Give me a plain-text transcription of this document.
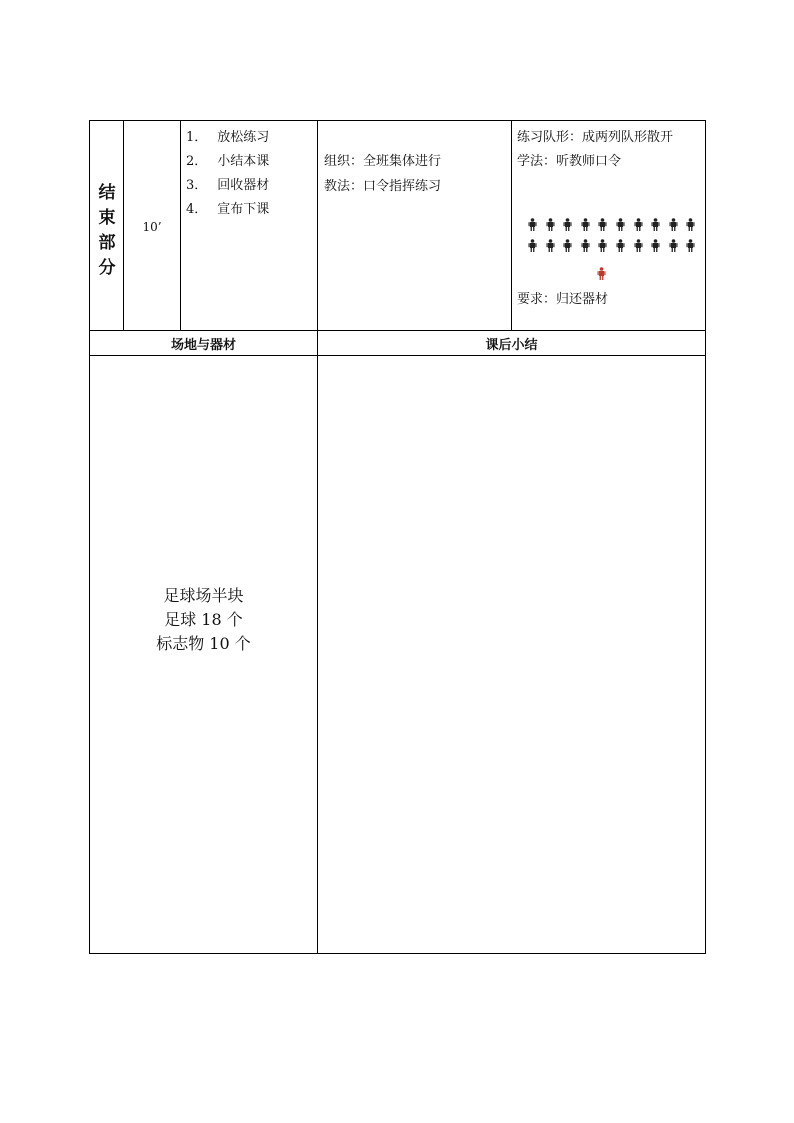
结
束
部
分
10’
1． 放松练习
2． 小结本课
3． 回收器材
4． 宣布下课
组织：全班集体进行
教法：口令指挥练习
练习队形：成两列队形散开
学法：听教师口令
要求：归还器材
场地与器材	课后小结
足球场半块
足球 18 个
标志物 10 个
